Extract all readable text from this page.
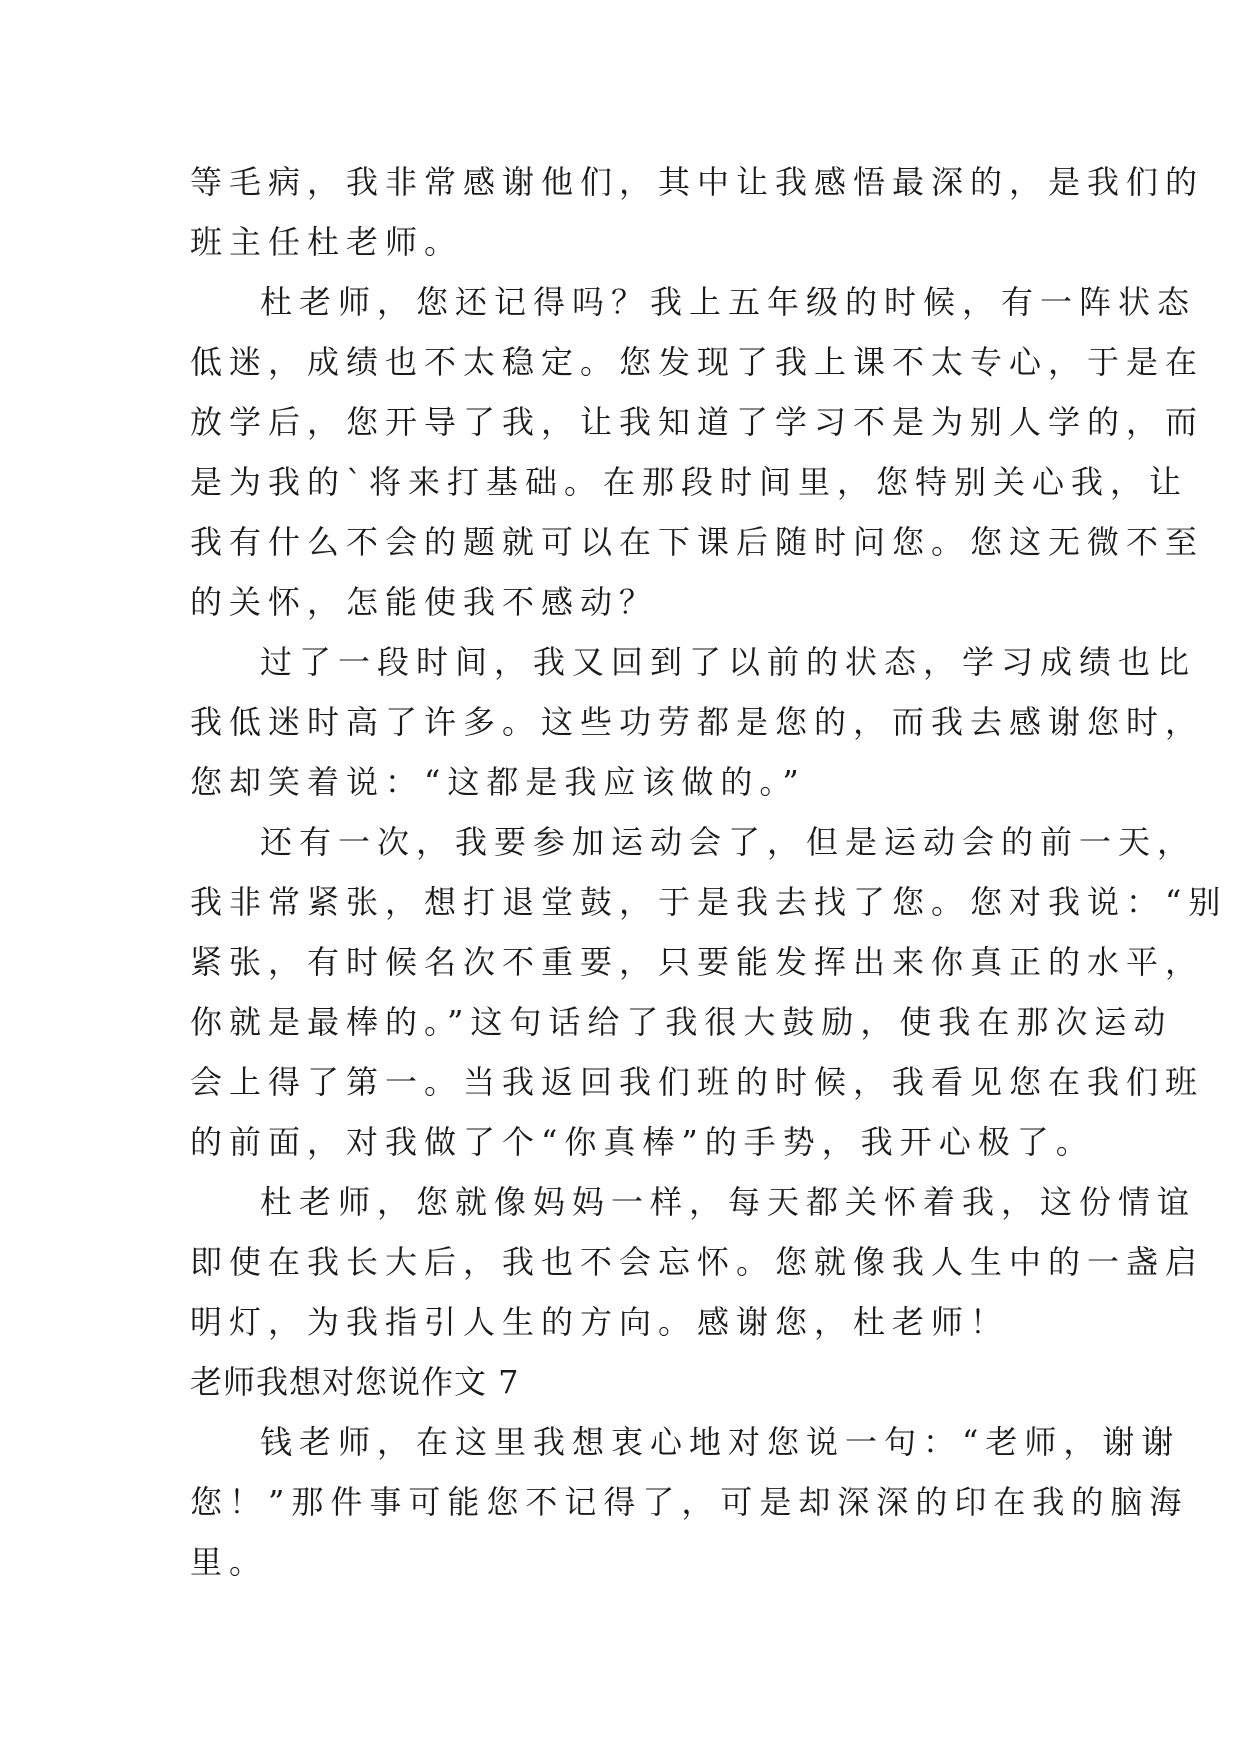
等毛病，我非常感谢他们，其中让我感悟最深的，是我们的
班主任杜老师。
杜老师，您还记得吗？我上五年级的时候，有一阵状态
低迷，成绩也不太稳定。您发现了我上课不太专心，于是在
放学后，您开导了我，让我知道了学习不是为别人学的，而
是为我的`将来打基础。在那段时间里，您特别关心我，让
我有什么不会的题就可以在下课后随时问您。您这无微不至
的关怀，怎能使我不感动？
过了一段时间，我又回到了以前的状态，学习成绩也比
我低迷时高了许多。这些功劳都是您的，而我去感谢您时，
您却笑着说：“这都是我应该做的。”
还有一次，我要参加运动会了，但是运动会的前一天，
我非常紧张，想打退堂鼓，于是我去找了您。您对我说：“别
紧张，有时候名次不重要，只要能发挥出来你真正的水平，
你就是最棒的。”这句话给了我很大鼓励，使我在那次运动
会上得了第一。当我返回我们班的时候，我看见您在我们班
的前面，对我做了个“你真棒”的手势，我开心极了。
杜老师，您就像妈妈一样，每天都关怀着我，这份情谊
即使在我长大后，我也不会忘怀。您就像我人生中的一盏启
明灯，为我指引人生的方向。感谢您，杜老师！
老师我想对您说作文 7
钱老师，在这里我想衷心地对您说一句：“老师，谢谢
您！”那件事可能您不记得了，可是却深深的印在我的脑海
里。
